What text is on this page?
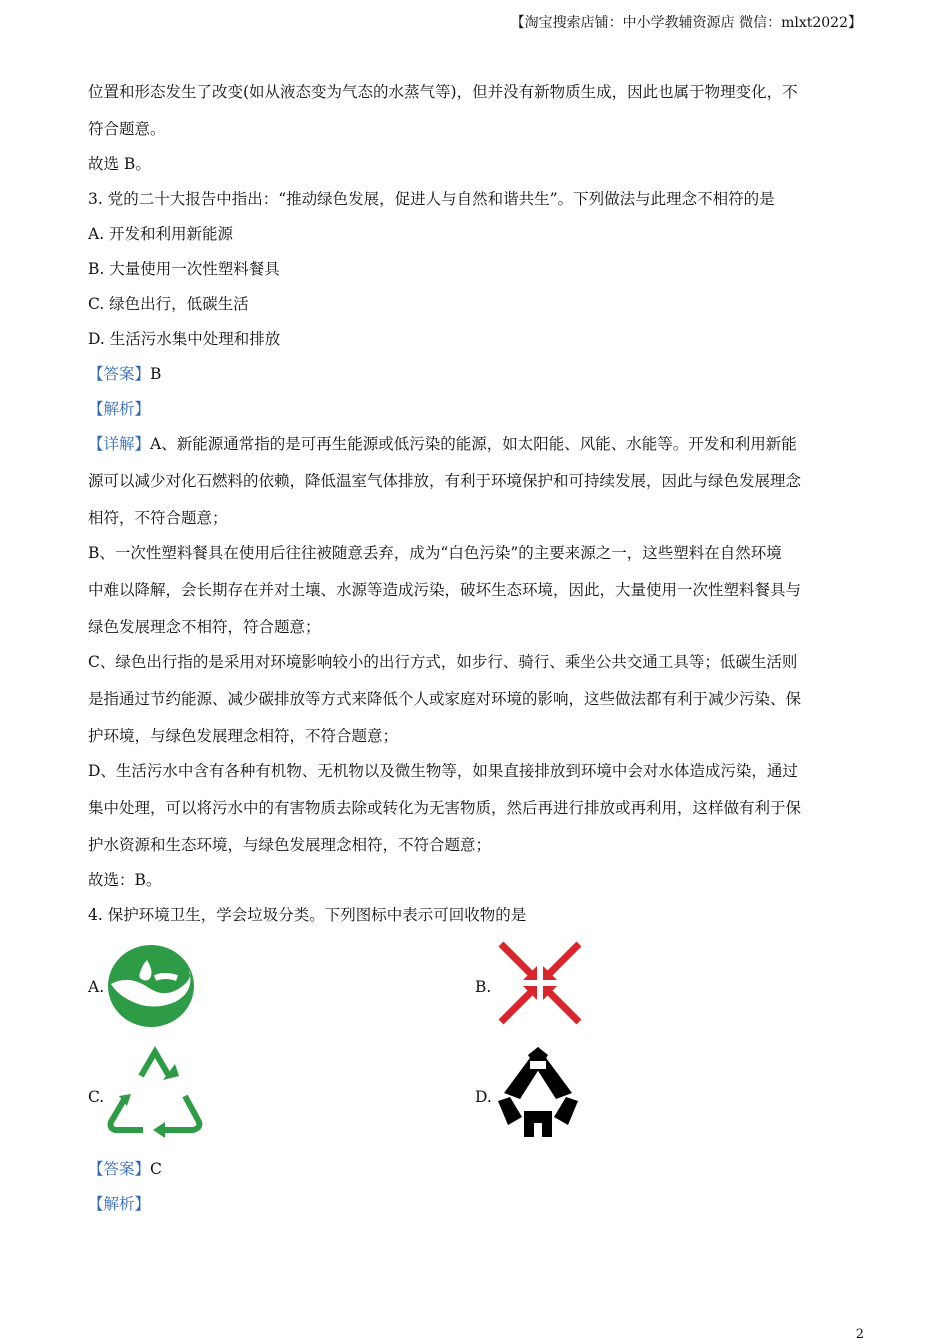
【淘宝搜索店铺：中小学教辅资源店 微信：mlxt2022】
位置和形态发生了改变(如从液态变为气态的水蒸气等)，但并没有新物质生成，因此也属于物理变化，不
符合题意。
故选 B。
3. 党的二十大报告中指出：“推动绿色发展，促进人与自然和谐共生”。下列做法与此理念不相符的是
A. 开发和利用新能源
B. 大量使用一次性塑料餐具
C. 绿色出行，低碳生活
D. 生活污水集中处理和排放
【答案】B
【解析】
【详解】A、新能源通常指的是可再生能源或低污染的能源，如太阳能、风能、水能等。开发和利用新能
源可以减少对化石燃料的依赖，降低温室气体排放，有利于环境保护和可持续发展，因此与绿色发展理念
相符，不符合题意；
B、一次性塑料餐具在使用后往往被随意丢弃，成为“白色污染”的主要来源之一，这些塑料在自然环境
中难以降解，会长期存在并对土壤、水源等造成污染，破坏生态环境，因此，大量使用一次性塑料餐具与
绿色发展理念不相符，符合题意；
C、绿色出行指的是采用对环境影响较小的出行方式，如步行、骑行、乘坐公共交通工具等；低碳生活则
是指通过节约能源、减少碳排放等方式来降低个人或家庭对环境的影响，这些做法都有利于减少污染、保
护环境，与绿色发展理念相符，不符合题意；
D、生活污水中含有各种有机物、无机物以及微生物等，如果直接排放到环境中会对水体造成污染，通过
集中处理，可以将污水中的有害物质去除或转化为无害物质，然后再进行排放或再利用，这样做有利于保
护水资源和生态环境，与绿色发展理念相符，不符合题意；
故选：B。
4. 保护环境卫生，学会垃圾分类。下列图标中表示可回收物的是
A.	B.
C.	D.
【答案】C
【解析】
2
